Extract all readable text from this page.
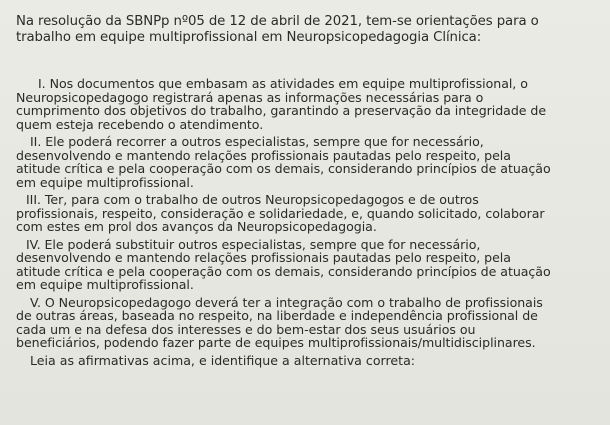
Na resolução da SBNPp nº05 de 12 de abril de 2021, tem-se orientações para o
trabalho em equipe multiprofissional em Neuropsicopedagogia Clínica:
I. Nos documentos que embasam as atividades em equipe multiprofissional, o
Neuropsicopedagogo registrará apenas as informações necessárias para o
cumprimento dos objetivos do trabalho, garantindo a preservação da integridade de
quem esteja recebendo o atendimento.
II. Ele poderá recorrer a outros especialistas, sempre que for necessário,
desenvolvendo e mantendo relações profissionais pautadas pelo respeito, pela
atitude crítica e pela cooperação com os demais, considerando princípios de atuação
em equipe multiprofissional.
III. Ter, para com o trabalho de outros Neuropsicopedagogos e de outros
profissionais, respeito, consideração e solidariedade, e, quando solicitado, colaborar
com estes em prol dos avanços da Neuropsicopedagogia.
IV. Ele poderá substituir outros especialistas, sempre que for necessário,
desenvolvendo e mantendo relações profissionais pautadas pelo respeito, pela
atitude crítica e pela cooperação com os demais, considerando princípios de atuação
em equipe multiprofissional.
V. O Neuropsicopedagogo deverá ter a integração com o trabalho de profissionais
de outras áreas, baseada no respeito, na liberdade e independência profissional de
cada um e na defesa dos interesses e do bem-estar dos seus usuários ou
beneficiários, podendo fazer parte de equipes multiprofissionais/multidisciplinares.

Leia as afirmativas acima, e identifique a alternativa correta:
